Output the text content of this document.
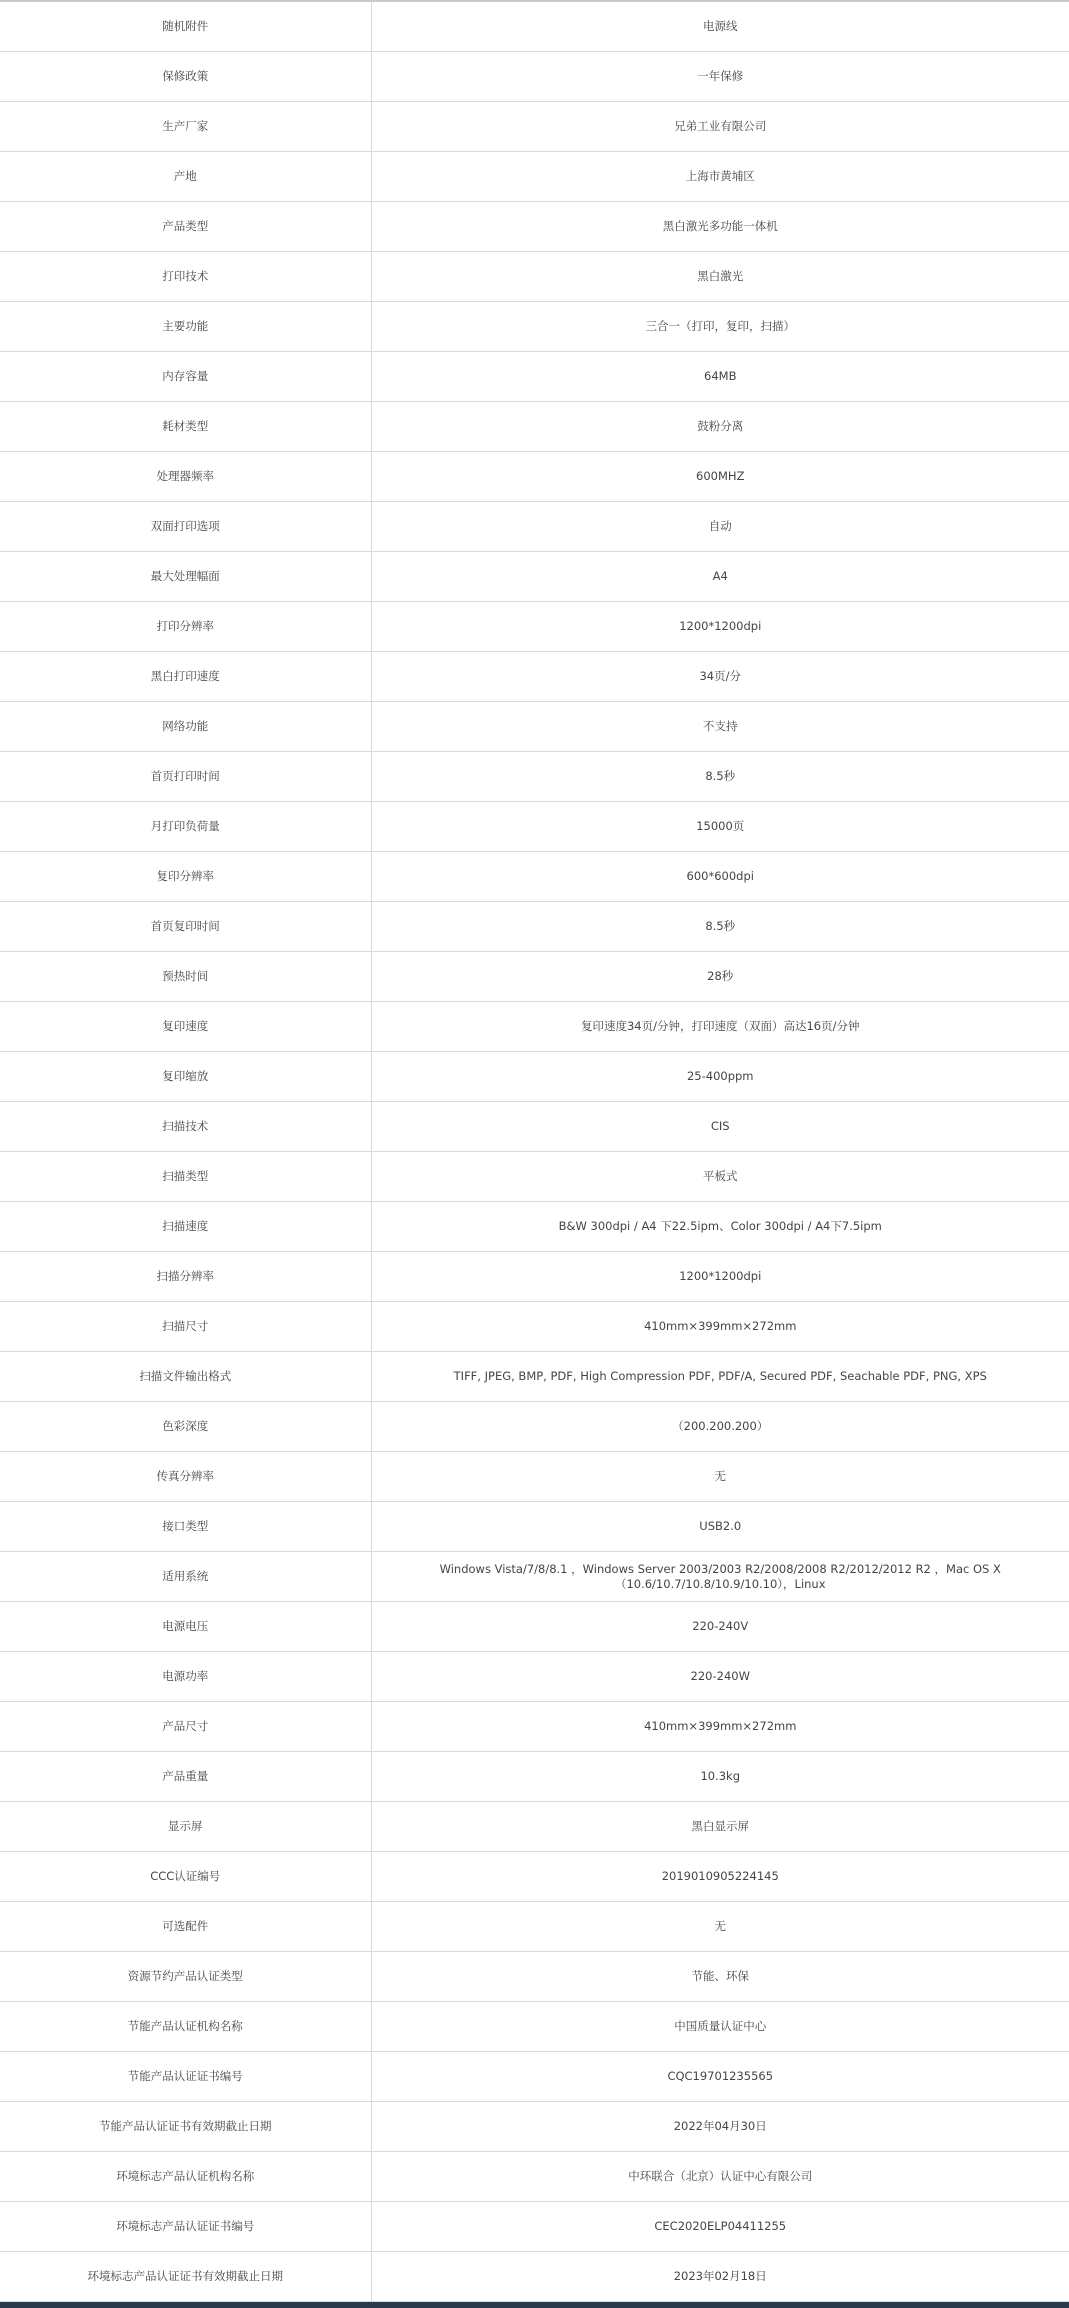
随机附件	电源线
保修政策	一年保修
生产厂家	兄弟工业有限公司
产地	上海市黄埔区
产品类型	黑白激光多功能一体机
打印技术	黑白激光
主要功能	三合一（打印，复印，扫描）
内存容量	64MB
耗材类型	鼓粉分离
处理器频率	600MHZ
双面打印选项	自动
最大处理幅面	A4
打印分辨率	1200*1200dpi
黑白打印速度	34页/分
网络功能	不支持
首页打印时间	8.5秒
月打印负荷量	15000页
复印分辨率	600*600dpi
首页复印时间	8.5秒
预热时间	28秒
复印速度	复印速度34页/分钟，打印速度（双面）高达16页/分钟
复印缩放	25-400ppm
扫描技术	CIS
扫描类型	平板式
扫描速度	B&W 300dpi / A4 下22.5ipm、Color 300dpi / A4下7.5ipm
扫描分辨率	1200*1200dpi
扫描尺寸	410mm×399mm×272mm
扫描文件输出格式	TIFF, JPEG, BMP, PDF, High Compression PDF, PDF/A, Secured PDF, Seachable PDF, PNG, XPS
色彩深度	（200.200.200）
传真分辨率	无
接口类型	USB2.0
适用系统	Windows Vista/7/8/8.1 ，Windows Server 2003/2003 R2/2008/2008 R2/2012/2012 R2 ，Mac OS X （10.6/10.7/10.8/10.9/10.10），Linux
电源电压	220-240V
电源功率	220-240W
产品尺寸	410mm×399mm×272mm
产品重量	10.3kg
显示屏	黑白显示屏
CCC认证编号	2019010905224145
可选配件	无
资源节约产品认证类型	节能、环保
节能产品认证机构名称	中国质量认证中心
节能产品认证证书编号	CQC19701235565
节能产品认证证书有效期截止日期	2022年04月30日
环境标志产品认证机构名称	中环联合（北京）认证中心有限公司
环境标志产品认证证书编号	CEC2020ELP04411255
环境标志产品认证证书有效期截止日期	2023年02月18日
